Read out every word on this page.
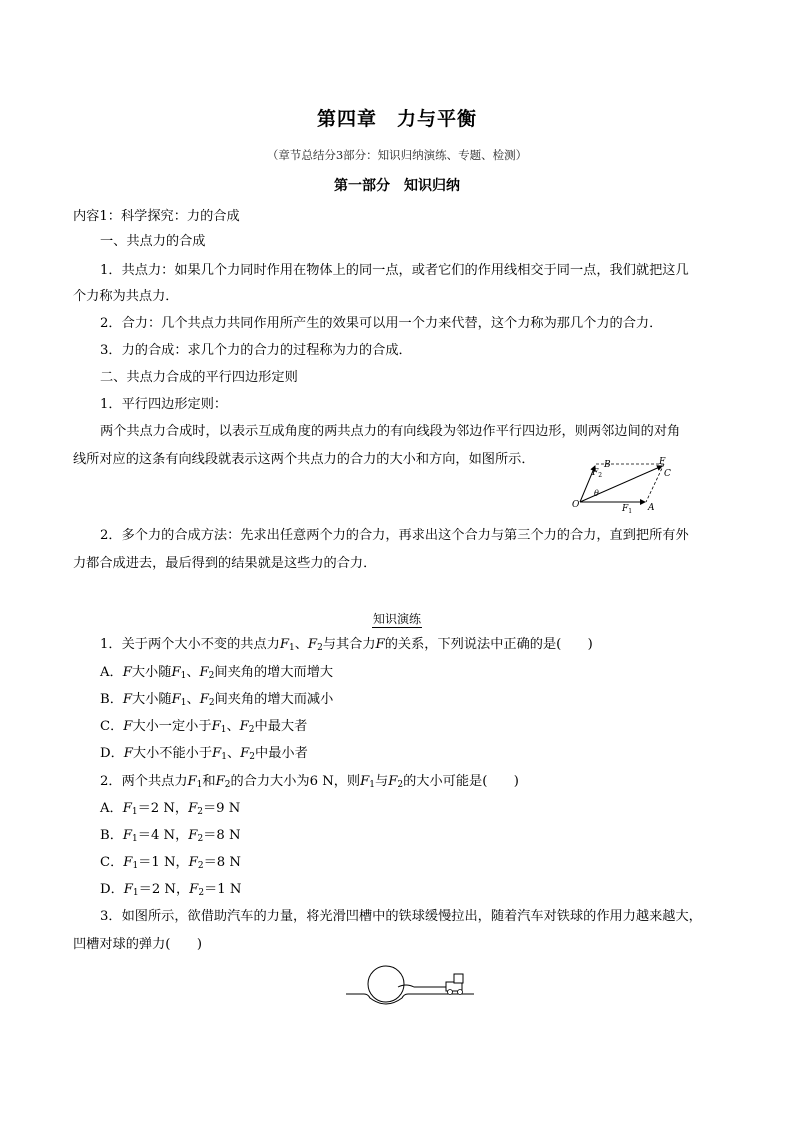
第四章　力与平衡
（章节总结分3部分：知识归纳演练、专题、检测）
第一部分　知识归纳
内容1：科学探究：力的合成
一、共点力的合成
1．共点力：如果几个力同时作用在物体上的同一点，或者它们的作用线相交于同一点，我们就把这几
个力称为共点力．
2．合力：几个共点力共同作用所产生的效果可以用一个力来代替，这个力称为那几个力的合力．
3．力的合成：求几个力的合力的过程称为力的合成．
二、共点力合成的平行四边形定则
1．平行四边形定则：
两个共点力合成时，以表示互成角度的两共点力的有向线段为邻边作平行四边形，则两邻边间的对角
线所对应的这条有向线段就表示这两个共点力的合力的大小和方向，如图所示．
O	A
B
C
F
$F_1$
$F_2$
θ
2．多个力的合成方法：先求出任意两个力的合力，再求出这个合力与第三个力的合力，直到把所有外
力都合成进去，最后得到的结果就是这些力的合力．
知识演练
1．关于两个大小不变的共点力$F_1$、$F_2$与其合力F的关系，下列说法中正确的是(　　)
A．F大小随$F_1$、$F_2$间夹角的增大而增大
B．F大小随$F_1$、$F_2$间夹角的增大而减小
C．F大小一定小于$F_1$、$F_2$中最大者
D．F大小不能小于$F_1$、$F_2$中最小者
2．两个共点力$F_1$和$F_2$的合力大小为6 N，则$F_1$与$F_2$的大小可能是(　　)
A．$F_1=2$ N，$F_2=9$ N
B．$F_1=4$ N，$F_2=8$ N
C．$F_1=1$ N，$F_2=8$ N
D．$F_1=2$ N，$F_2=1$ N
3．如图所示，欲借助汽车的力量，将光滑凹槽中的铁球缓慢拉出，随着汽车对铁球的作用力越来越大，
凹槽对球的弹力(　　)
